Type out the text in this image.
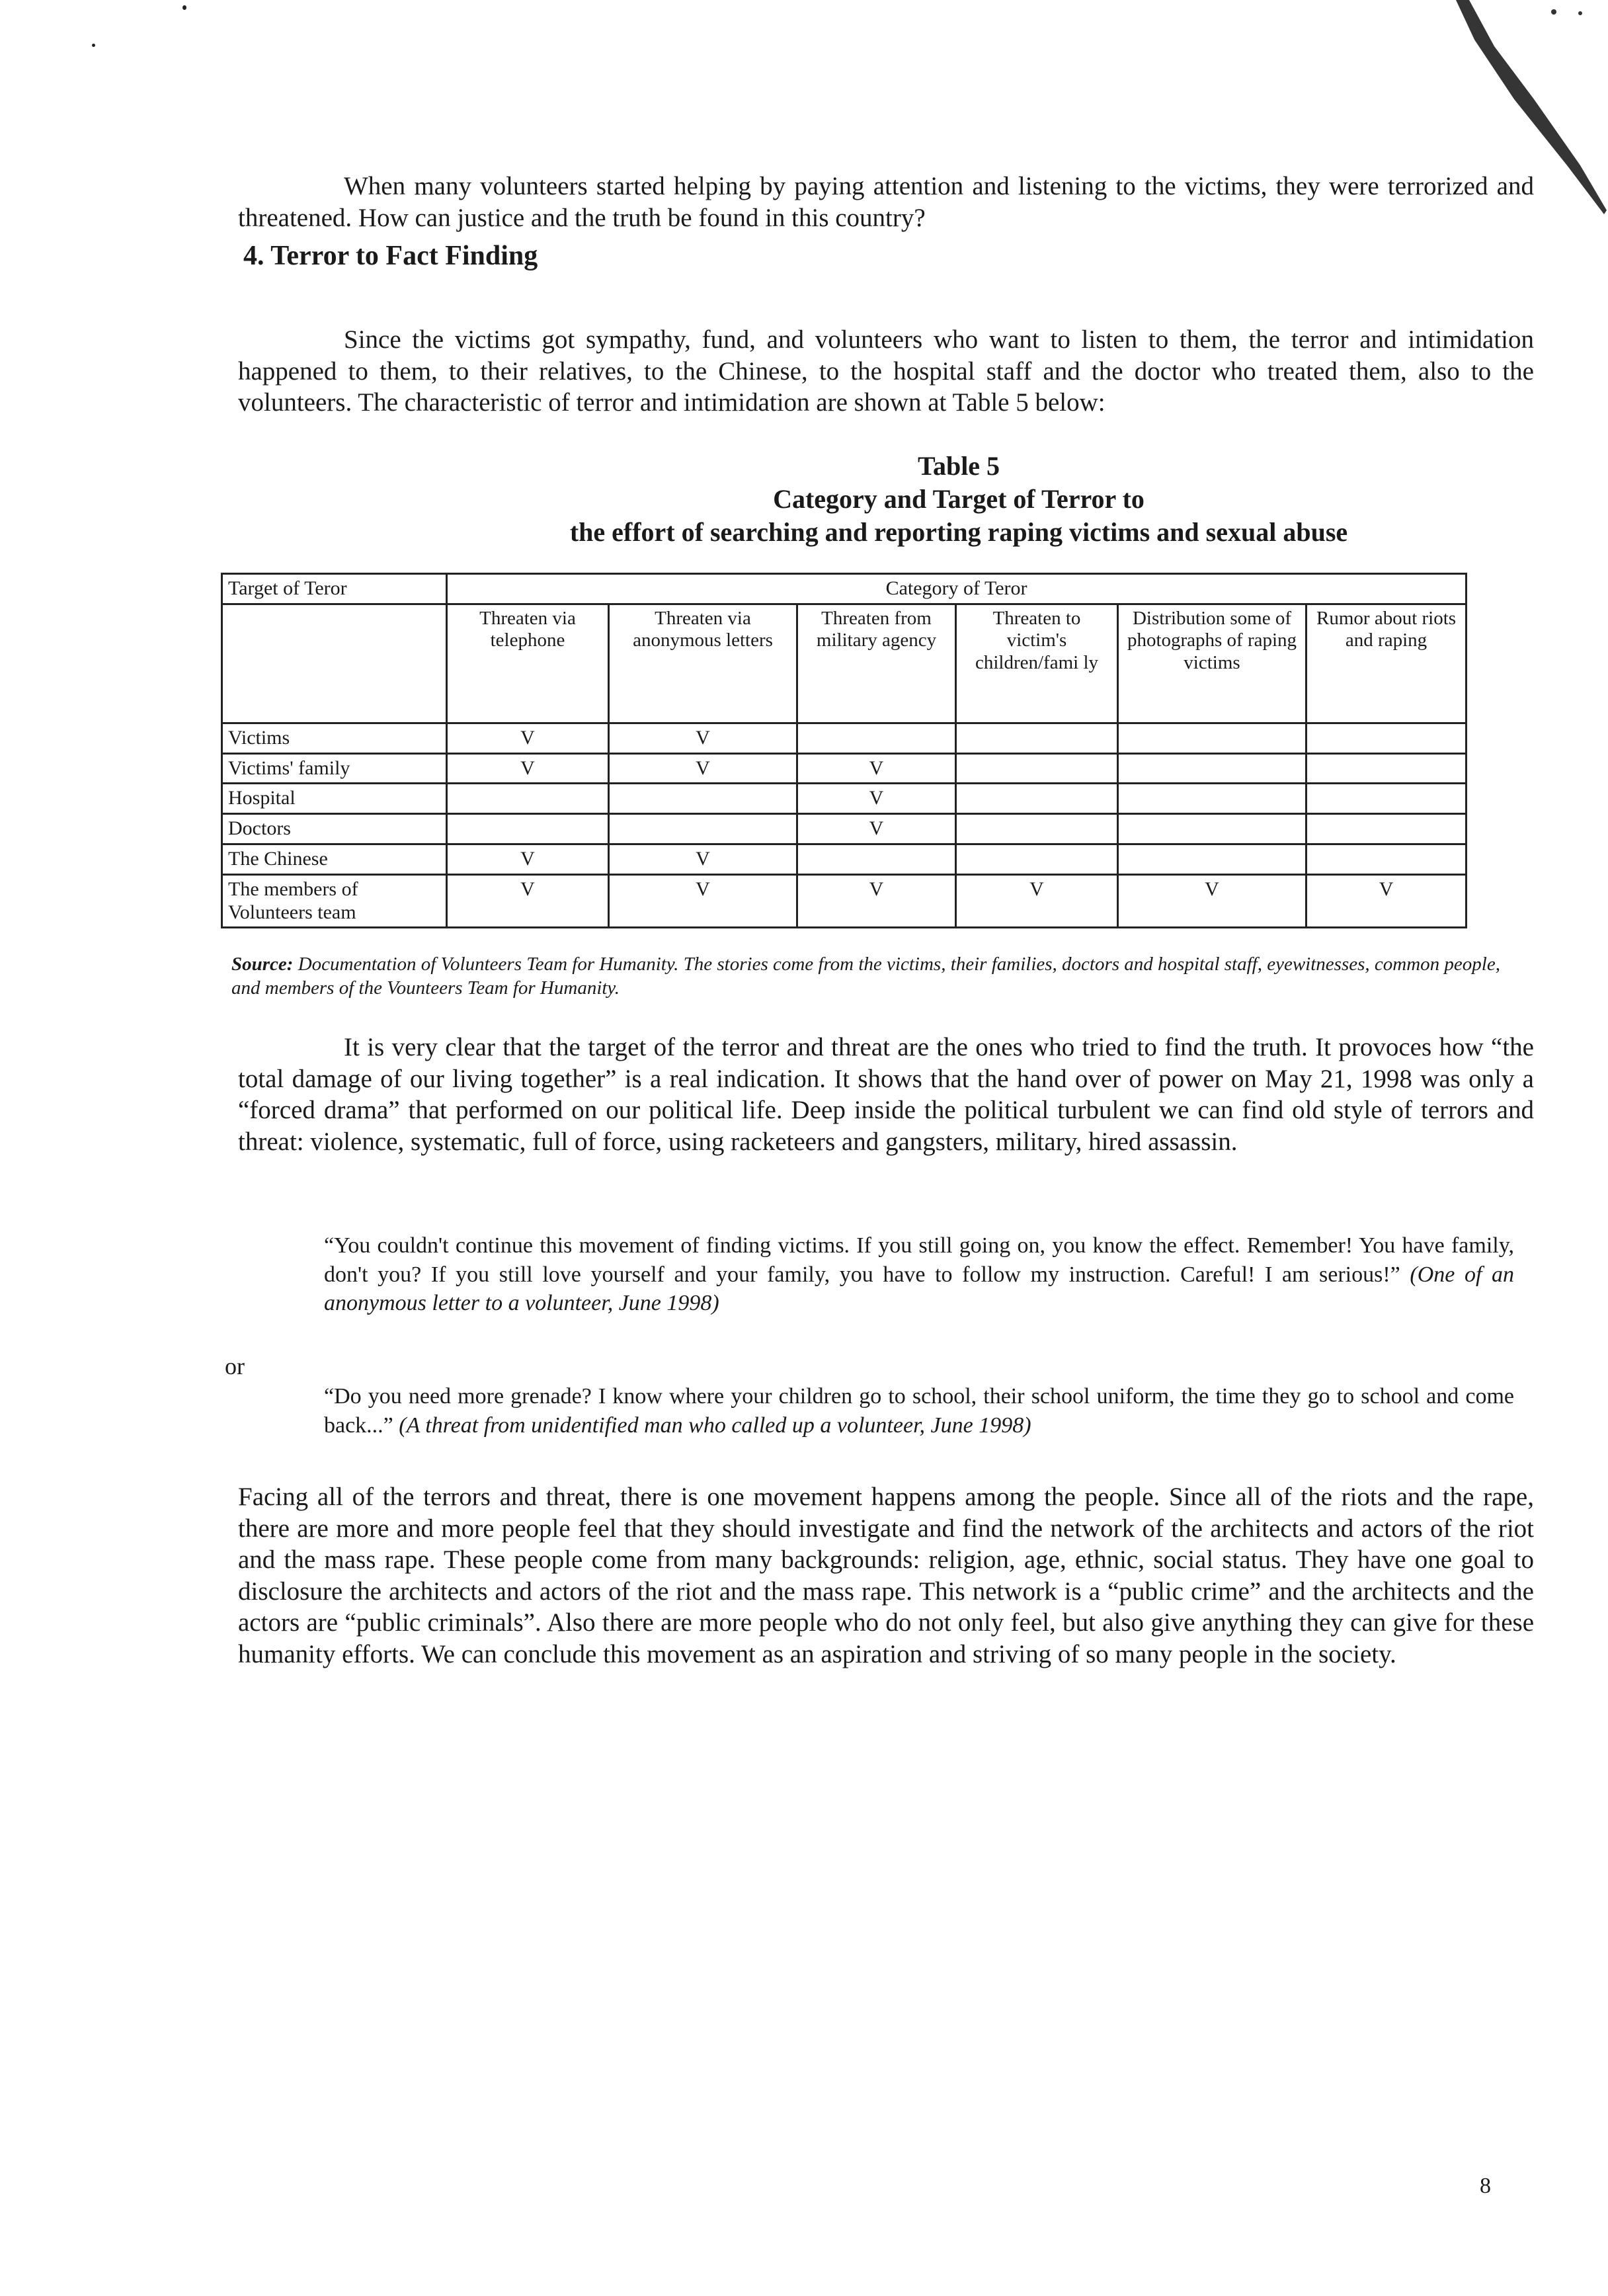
When many volunteers started helping by paying attention and listening to the victims, they were terrorized and threatened. How can justice and the truth be found in this country?

4. Terror to Fact Finding

Since the victims got sympathy, fund, and volunteers who want to listen to them, the terror and intimidation happened to them, to their relatives, to the Chinese, to the hospital staff and the doctor who treated them, also to the volunteers. The characteristic of terror and intimidation are shown at Table 5 below:

Table 5
Category and Target of Terror to
the effort of searching and reporting raping victims and sexual abuse
Target of Teror	Category of Teror					
	Threaten via telephone	Threaten via anonymous letters	Threaten from military agency	Threaten to victim's children/fami ly	Distribution some of photographs of raping victims	Rumor about riots and raping
Victims	V	V				
Victims' family	V	V	V			
Hospital			V			
Doctors			V			
The Chinese	V	V				
The members of Volunteers team	V	V	V	V	V	V
Source: Documentation of Volunteers Team for Humanity. The stories come from the victims, their families, doctors and hospital staff, eyewitnesses, common people, and members of the Vounteers Team for Humanity.

It is very clear that the target of the terror and threat are the ones who tried to find the truth. It provoces how “the total damage of our living together” is a real indication. It shows that the hand over of power on May 21, 1998 was only a “forced drama” that performed on our political life. Deep inside the political turbulent we can find old style of terrors and threat: violence, systematic, full of force, using racketeers and gangsters, military, hired assassin.

“You couldn't continue this movement of finding victims. If you still going on, you know the effect. Remember! You have family, don't you? If you still love yourself and your family, you have to follow my instruction. Careful! I am serious!” (One of an anonymous letter to a volunteer, June 1998)

or

“Do you need more grenade? I know where your children go to school, their school uniform, the time they go to school and come back...” (A threat from unidentified man who called up a volunteer, June 1998)

Facing all of the terrors and threat, there is one movement happens among the people. Since all of the riots and the rape, there are more and more people feel that they should investigate and find the network of the architects and actors of the riot and the mass rape. These people come from many backgrounds: religion, age, ethnic, social status. They have one goal to disclosure the architects and actors of the riot and the mass rape. This network is a “public crime” and the architects and the actors are “public criminals”. Also there are more people who do not only feel, but also give anything they can give for these humanity efforts. We can conclude this movement as an aspiration and striving of so many people in the society.

8
